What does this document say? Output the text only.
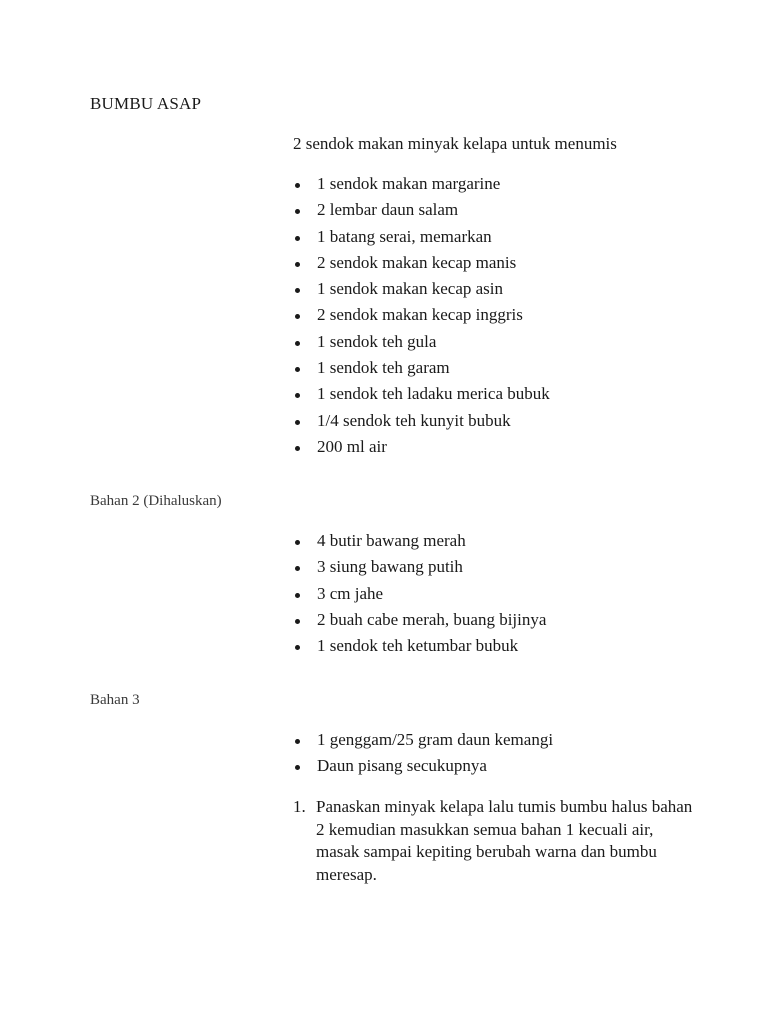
BUMBU ASAP
2 sendok makan minyak kelapa untuk menumis
1 sendok makan margarine
2 lembar daun salam
1 batang serai, memarkan
2 sendok makan kecap manis
1 sendok makan kecap asin
2 sendok makan kecap inggris
1 sendok teh gula
1 sendok teh garam
1 sendok teh ladaku merica bubuk
1/4 sendok teh kunyit bubuk
200 ml air
Bahan 2 (Dihaluskan)
4 butir bawang merah
3 siung bawang putih
3 cm jahe
2 buah cabe merah, buang bijinya
1 sendok teh ketumbar bubuk
Bahan 3
1 genggam/25 gram daun kemangi
Daun pisang secukupnya
1. Panaskan minyak kelapa lalu tumis bumbu halus bahan 2 kemudian masukkan semua bahan 1 kecuali air, masak sampai kepiting berubah warna dan bumbu meresap.
